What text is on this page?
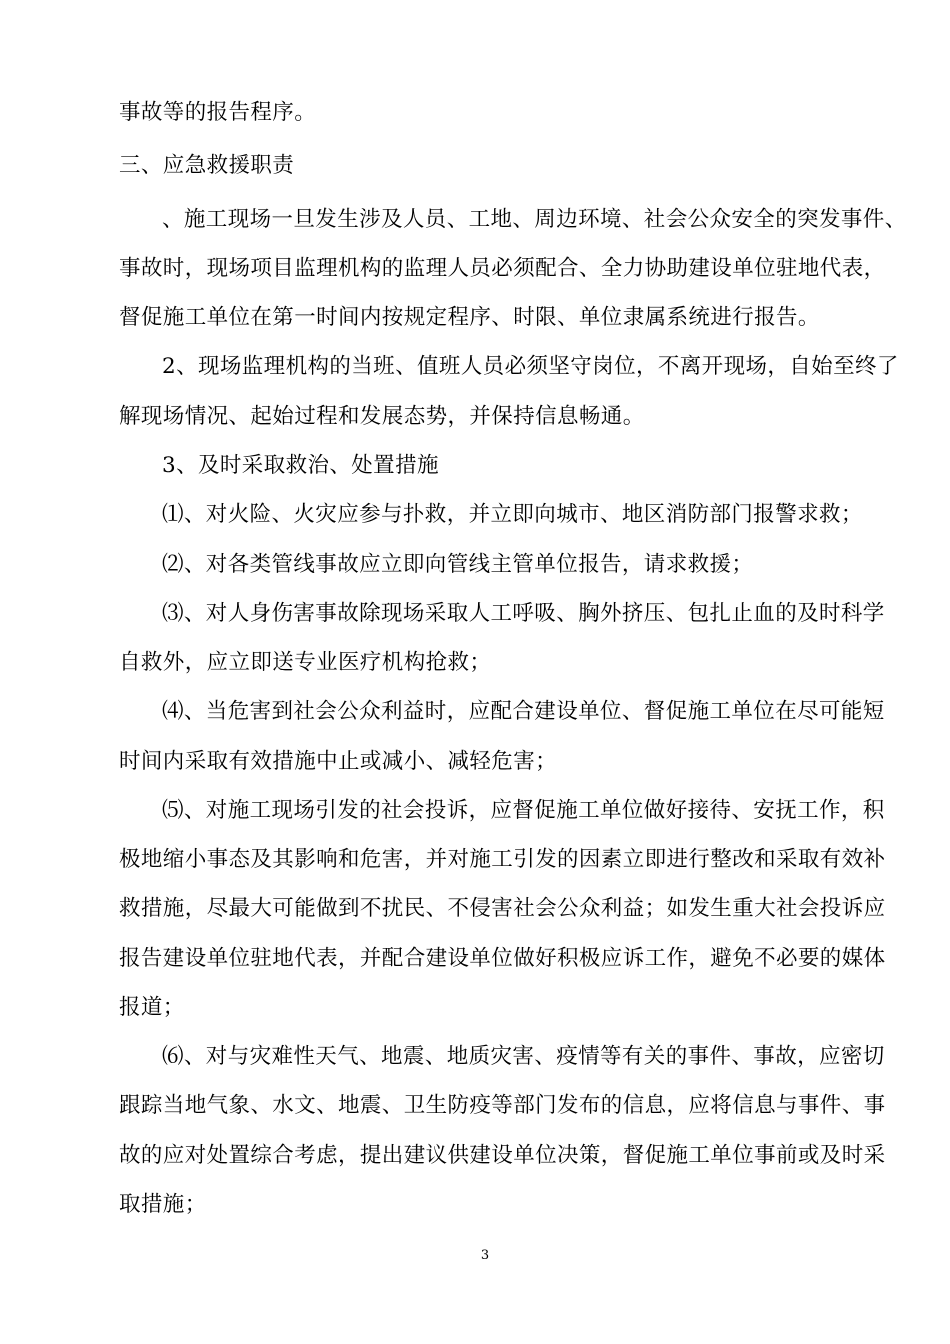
事故等的报告程序。
三、应急救援职责
、施工现场一旦发生涉及人员、工地、周边环境、社会公众安全的突发事件、
事故时，现场项目监理机构的监理人员必须配合、全力协助建设单位驻地代表，
督促施工单位在第一时间内按规定程序、时限、单位隶属系统进行报告。
2、现场监理机构的当班、值班人员必须坚守岗位，不离开现场，自始至终了
解现场情况、起始过程和发展态势，并保持信息畅通。
3、及时采取救治、处置措施
⑴、对火险、火灾应参与扑救，并立即向城市、地区消防部门报警求救；
⑵、对各类管线事故应立即向管线主管单位报告，请求救援；
⑶、对人身伤害事故除现场采取人工呼吸、胸外挤压、包扎止血的及时科学
自救外，应立即送专业医疗机构抢救；
⑷、当危害到社会公众利益时，应配合建设单位、督促施工单位在尽可能短
时间内采取有效措施中止或减小、减轻危害；
⑸、对施工现场引发的社会投诉，应督促施工单位做好接待、安抚工作，积
极地缩小事态及其影响和危害，并对施工引发的因素立即进行整改和采取有效补
救措施，尽最大可能做到不扰民、不侵害社会公众利益；如发生重大社会投诉应
报告建设单位驻地代表，并配合建设单位做好积极应诉工作，避免不必要的媒体
报道；
⑹、对与灾难性天气、地震、地质灾害、疫情等有关的事件、事故，应密切
跟踪当地气象、水文、地震、卫生防疫等部门发布的信息，应将信息与事件、事
故的应对处置综合考虑，提出建议供建设单位决策，督促施工单位事前或及时采
取措施；
3
